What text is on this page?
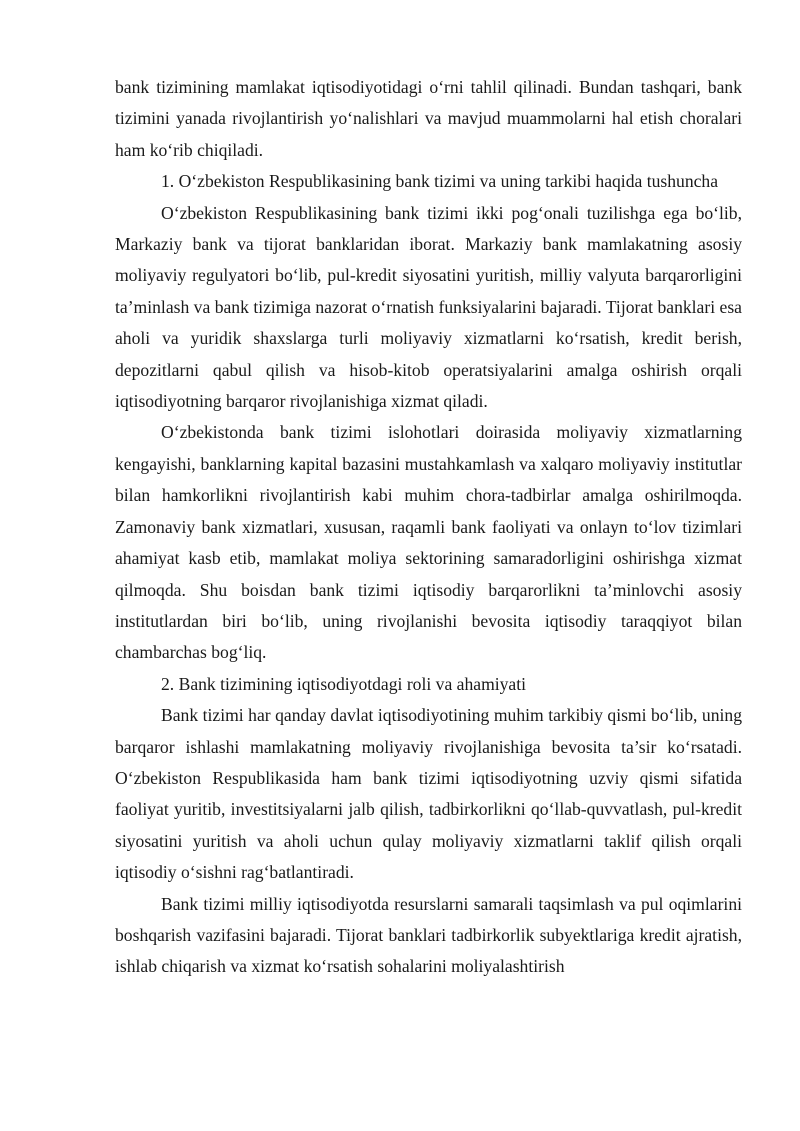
bank tizimining mamlakat iqtisodiyotidagi o‘rni tahlil qilinadi. Bundan tashqari, bank tizimini yanada rivojlantirish yo‘nalishlari va mavjud muammolarni hal etish choralari ham ko‘rib chiqiladi.

1. O‘zbekiston Respublikasining bank tizimi va uning tarkibi haqida tushuncha

O‘zbekiston Respublikasining bank tizimi ikki pog‘onali tuzilishga ega bo‘lib, Markaziy bank va tijorat banklaridan iborat. Markaziy bank mamlakatning asosiy moliyaviy regulyatori bo‘lib, pul-kredit siyosatini yuritish, milliy valyuta barqarorligini ta’minlash va bank tizimiga nazorat o‘rnatish funksiyalarini bajaradi. Tijorat banklari esa aholi va yuridik shaxslarga turli moliyaviy xizmatlarni ko‘rsatish, kredit berish, depozitlarni qabul qilish va hisob-kitob operatsiyalarini amalga oshirish orqali iqtisodiyotning barqaror rivojlanishiga xizmat qiladi.

O‘zbekistonda bank tizimi islohotlari doirasida moliyaviy xizmatlarning kengayishi, banklarning kapital bazasini mustahkamlash va xalqaro moliyaviy institutlar bilan hamkorlikni rivojlantirish kabi muhim chora-tadbirlar amalga oshirilmoqda. Zamonaviy bank xizmatlari, xususan, raqamli bank faoliyati va onlayn to‘lov tizimlari ahamiyat kasb etib, mamlakat moliya sektorining samaradorligini oshirishga xizmat qilmoqda. Shu boisdan bank tizimi iqtisodiy barqarorlikni ta’minlovchi asosiy institutlardan biri bo‘lib, uning rivojlanishi bevosita iqtisodiy taraqqiyot bilan chambarchas bog‘liq.

2. Bank tizimining iqtisodiyotdagi roli va ahamiyati

Bank tizimi har qanday davlat iqtisodiyotining muhim tarkibiy qismi bo‘lib, uning barqaror ishlashi mamlakatning moliyaviy rivojlanishiga bevosita ta’sir ko‘rsatadi. O‘zbekiston Respublikasida ham bank tizimi iqtisodiyotning uzviy qismi sifatida faoliyat yuritib, investitsiyalarni jalb qilish, tadbirkorlikni qo‘llab-quvvatlash, pul-kredit siyosatini yuritish va aholi uchun qulay moliyaviy xizmatlarni taklif qilish orqali iqtisodiy o‘sishni rag‘batlantiradi.

Bank tizimi milliy iqtisodiyotda resurslarni samarali taqsimlash va pul oqimlarini boshqarish vazifasini bajaradi. Tijorat banklari tadbirkorlik subyektlariga kredit ajratish, ishlab chiqarish va xizmat ko‘rsatish sohalarini moliyalashtirish
